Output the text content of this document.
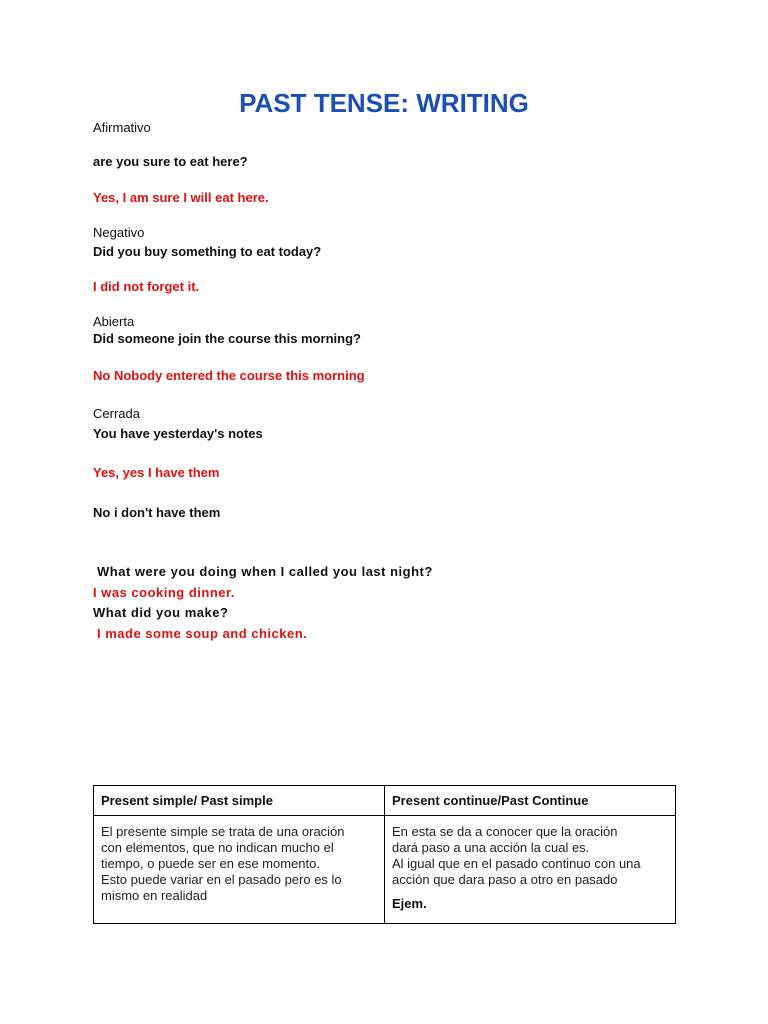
PAST TENSE: WRITING
Afirmativo
are you sure to eat here?
Yes, I am sure I will eat here.
Negativo
Did you buy something to eat today?
I did not forget it.
Abierta
Did someone join the course this morning?
No Nobody entered the course this morning
Cerrada
You have yesterday's notes
Yes, yes I have them
No i don't have them
What were you doing when I called you last night?
I was cooking dinner.
What did you make?
I made some soup and chicken.
Present simple/ Past simple	Present continue/Past Continue
El presente simple se trata de una oración
con elementos, que no indican mucho el
tiempo, o puede ser en ese momento.
Esto puede variar en el pasado pero es lo
mismo en realidad	En esta se da a conocer que la oración
dará paso a una acción la cual es.
Al igual que en el pasado continuo con una
acción que dara paso a otro en pasado
Ejem.
